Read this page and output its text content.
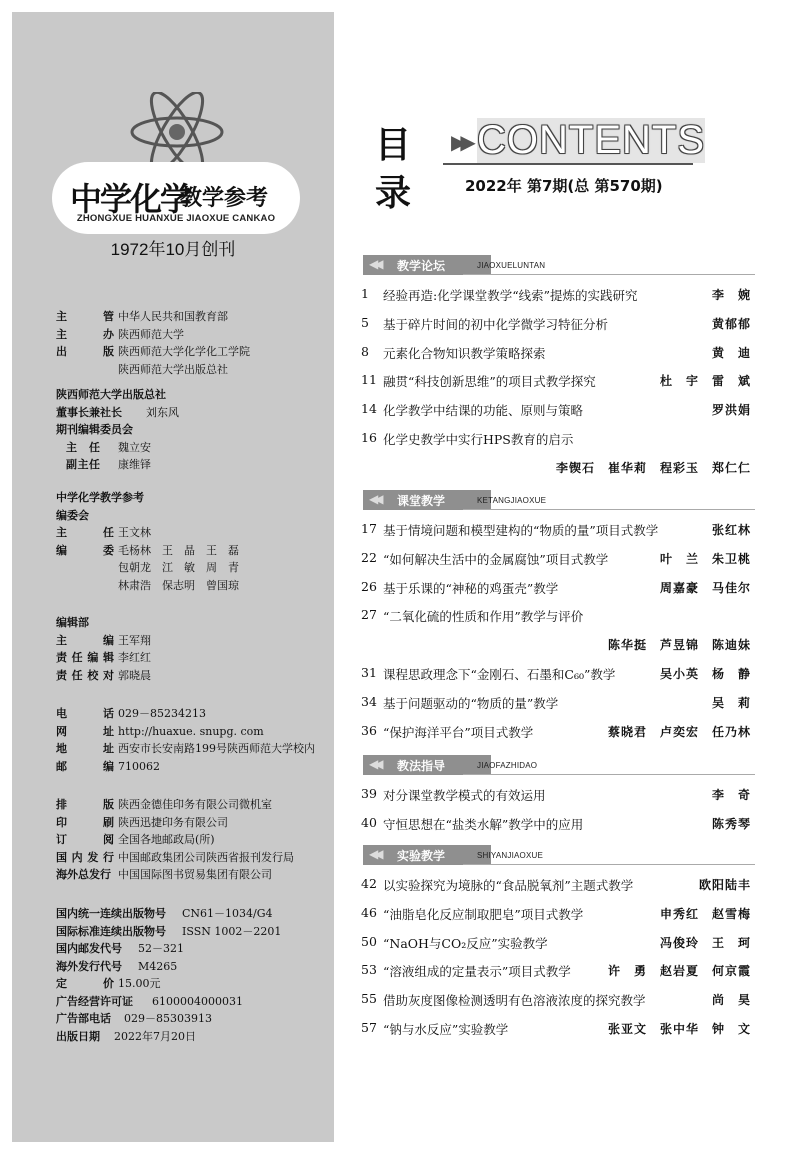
中学化学
教学参考
ZHONGXUE HUANXUE JIAOXUE CANKAO
1972年10月创刊
主　管 中华人民共和国教育部
主　办 陕西师范大学
出　版 陕西师范大学化学化工学院
陕西师范大学出版总社
陕西师范大学出版总社
董事长兼社长	刘东风
期刊编辑委员会
主　任	魏立安
副主任	康维铎
中学化学教学参考
编委会
主　任 王文林
编　委 毛杨林　王　晶　王　磊
包朝龙　江　敏　周　青
林肃浩　保志明　曾国琼
编辑部
主　编 王军翔
责任编辑 李红红
责任校对 郭晓晨
电　话 029－85234213
网　址 http://huaxue. snupg. com
地　址 西安市长安南路199号陕西师范大学校内
邮　编 710062
排　版 陕西金德佳印务有限公司微机室
印　刷 陕西迅捷印务有限公司
订　阅 全国各地邮政局(所)
国内发行 中国邮政集团公司陕西省报刊发行局
海外总发行 中国国际图书贸易集团有限公司
国内统一连续出版物号	CN61－1034/G4
国际标准连续出版物号	ISSN 1002－2201
国内邮发代号	52－321
海外发行代号	M4265
定　价 15.00元
广告经营许可证	6100004000031
广告部电话	029－85303913
出版日期	2022年7月20日
目
录
CONTENTS
▶▶
2022年 第7期(总 第570期)
◀◀ 教学论坛	JIAOXUELUNTAN
1	经验再造:化学课堂教学“线索”提炼的实践研究	李　婉
5	基于碎片时间的初中化学微学习特征分析	黄郁郁
8	元素化合物知识教学策略探索	黄　迪
11 融贯“科技创新思维”的项目式教学探究	杜　宇　雷　斌
14 化学教学中结课的功能、原则与策略	罗洪娟
16 化学史教学中实行HPS教育的启示
李锲石　崔华莉　程彩玉　郑仁仁
◀◀ 课堂教学	KETANGJIAOXUE
17 基于情境问题和模型建构的“物质的量”项目式教学	张红林
22 “如何解决生活中的金属腐蚀”项目式教学	叶　兰　朱卫桃
26 基于乐课的“神秘的鸡蛋壳”教学	周嘉豪　马佳尔
27 “二氧化硫的性质和作用”教学与评价
陈华挺　芦昱锦　陈迪妹
31 课程思政理念下“金刚石、石墨和C₆₀”教学	吴小英　杨　静
34 基于问题驱动的“物质的量”教学	吴　莉
36 “保护海洋平台”项目式教学	蔡晓君　卢奕宏　任乃林
◀◀ 教法指导	JIAOFAZHIDAO
39 对分课堂教学模式的有效运用	李　奇
40 守恒思想在“盐类水解”教学中的应用	陈秀琴
◀◀ 实验教学	SHIYANJIAOXUE
42 以实验探究为境脉的“食品脱氧剂”主题式教学	欧阳陆丰
46 “油脂皂化反应制取肥皂”项目式教学	申秀红　赵雪梅
50 “NaOH与CO₂反应”实验教学	冯俊玲　王　珂
53 “溶液组成的定量表示”项目式教学	许　勇　赵岩夏　何京霞
55 借助灰度图像检测透明有色溶液浓度的探究教学	尚　昊
57 “钠与水反应”实验教学	张亚文　张中华　钟　文
